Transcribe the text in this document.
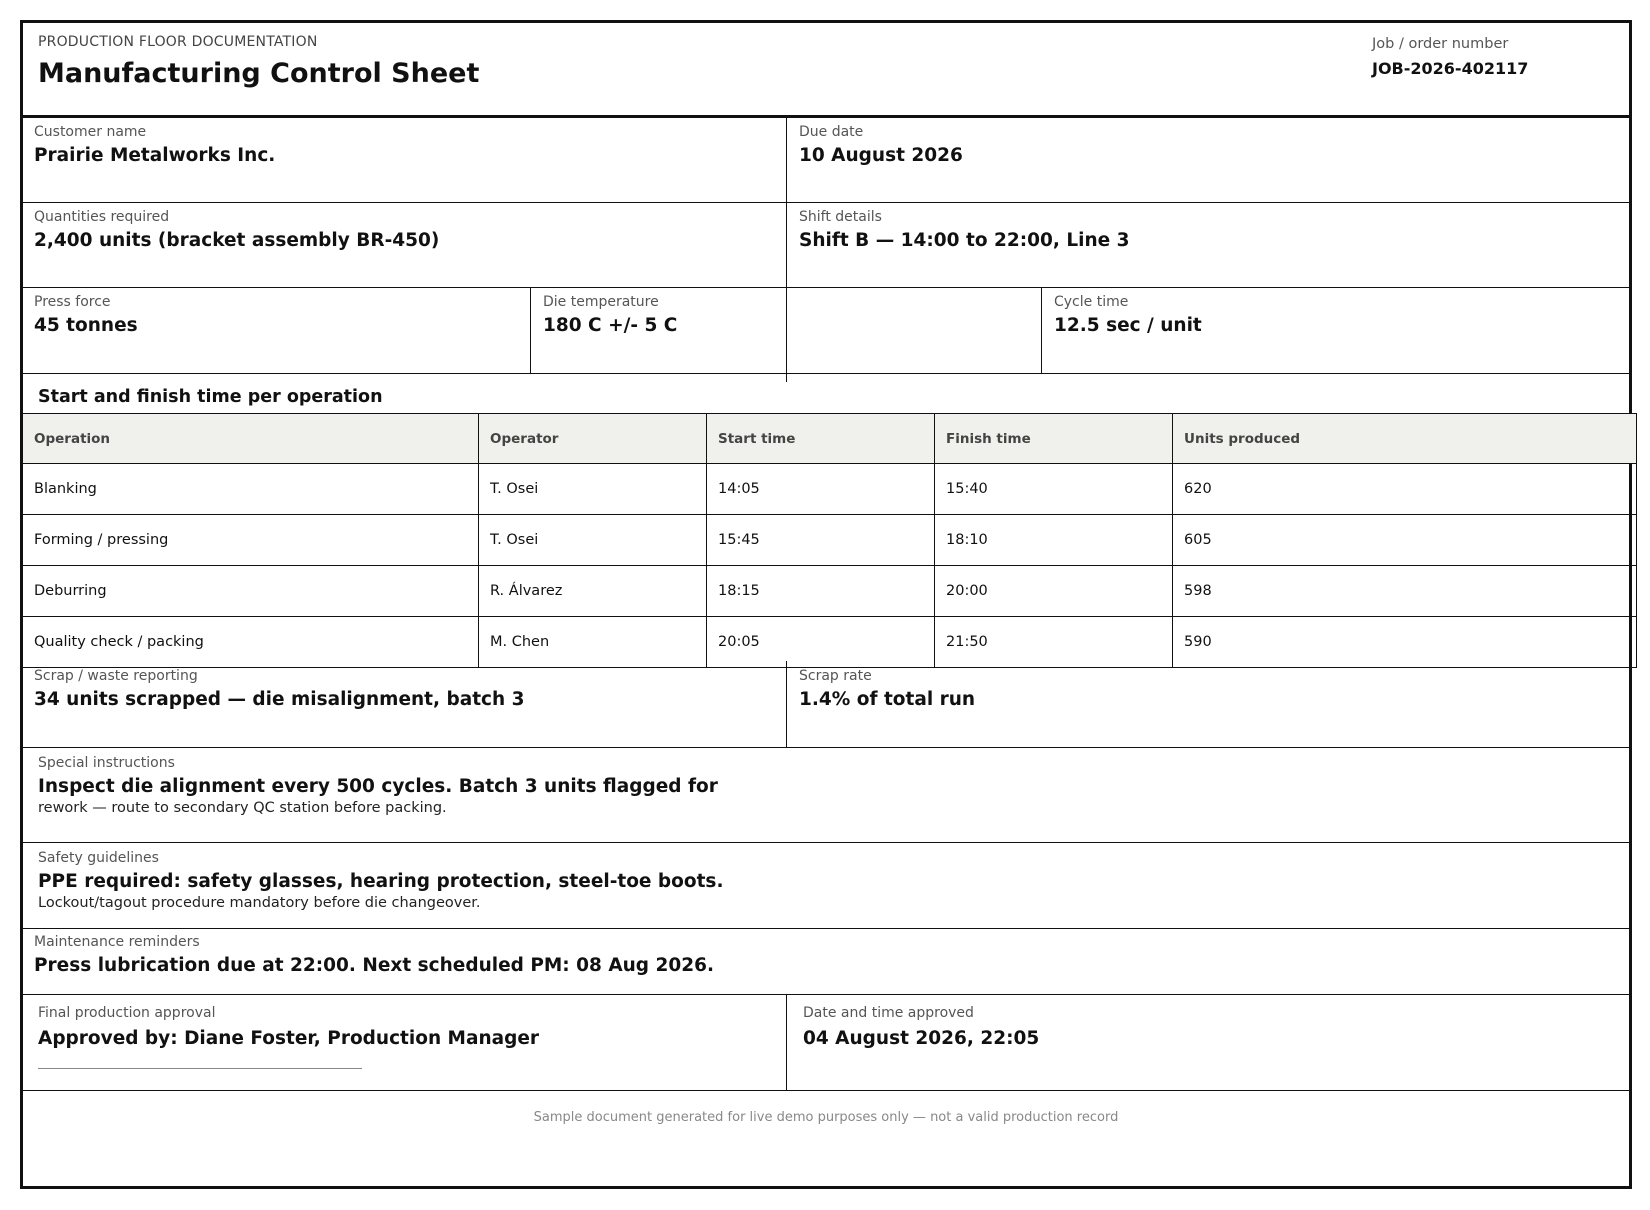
PRODUCTION FLOOR DOCUMENTATION
Manufacturing Control Sheet
Job / order number
JOB-2026-402117
Customer name
Prairie Metalworks Inc.
Due date
10 August 2026
Quantities required
2,400 units (bracket assembly BR-450)
Shift details
Shift B — 14:00 to 22:00, Line 3
Press force
45 tonnes
Die temperature
180 C +/- 5 C
Cycle time
12.5 sec / unit
Start and finish time per operation
Operation	Operator	Start time	Finish time	Units produced
Blanking	T. Osei	14:05	15:40	620
Forming / pressing	T. Osei	15:45	18:10	605
Deburring	R. Álvarez	18:15	20:00	598
Quality check / packing	M. Chen	20:05	21:50	590
Scrap / waste reporting
34 units scrapped — die misalignment, batch 3
Scrap rate
1.4% of total run
Special instructions
Inspect die alignment every 500 cycles. Batch 3 units flagged for
rework — route to secondary QC station before packing.
Safety guidelines
PPE required: safety glasses, hearing protection, steel-toe boots.
Lockout/tagout procedure mandatory before die changeover.
Maintenance reminders
Press lubrication due at 22:00. Next scheduled PM: 08 Aug 2026.
Final production approval
Approved by: Diane Foster, Production Manager
Date and time approved
04 August 2026, 22:05
Sample document generated for live demo purposes only — not a valid production record
